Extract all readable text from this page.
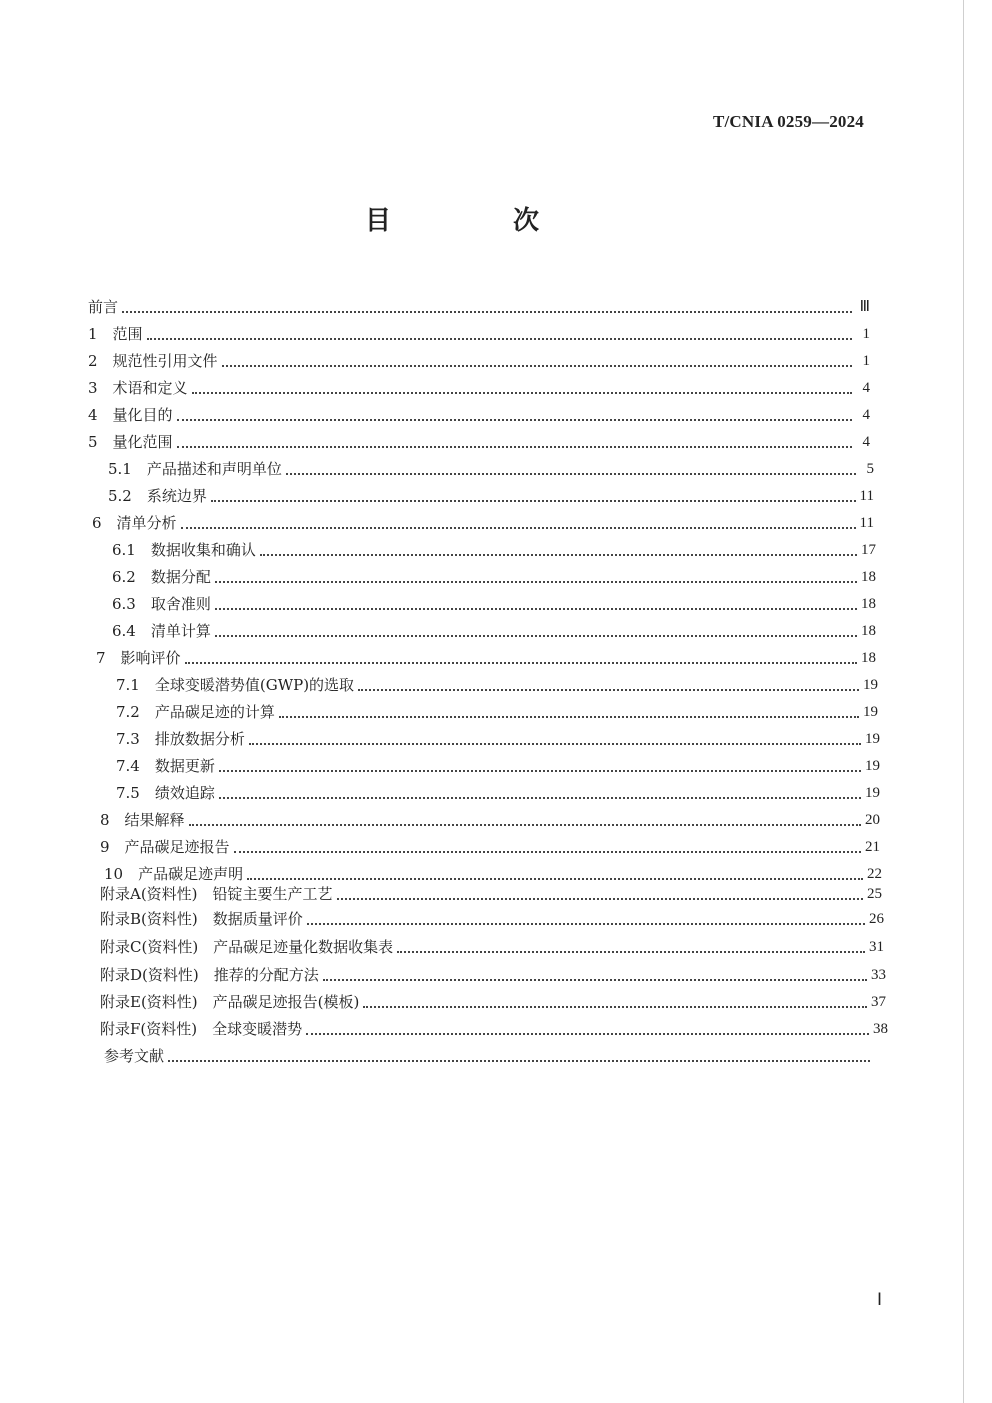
T/CNIA 0259—2024
目　次
前言	Ⅲ
1　范围	1
2　规范性引用文件	1
3　术语和定义	4
4　量化目的	4
5　量化范围	4
5.1　产品描述和声明单位	5
5.2　系统边界	11
6　清单分析	11
6.1　数据收集和确认	17
6.2　数据分配	18
6.3　取舍准则	18
6.4　清单计算	18
7　影响评价	18
7.1　全球变暖潜势值(GWP)的选取	19
7.2　产品碳足迹的计算	19
7.3　排放数据分析	19
7.4　数据更新	19
7.5　绩效追踪	19
8　结果解释	20
9　产品碳足迹报告	21
10　产品碳足迹声明	22
附录A(资料性)　铅锭主要生产工艺	25
附录B(资料性)　数据质量评价	26
附录C(资料性)　产品碳足迹量化数据收集表	31
附录D(资料性)　推荐的分配方法	33
附录E(资料性)　产品碳足迹报告(模板)	37
附录F(资料性)　全球变暖潜势	38
参考文献
Ⅰ
